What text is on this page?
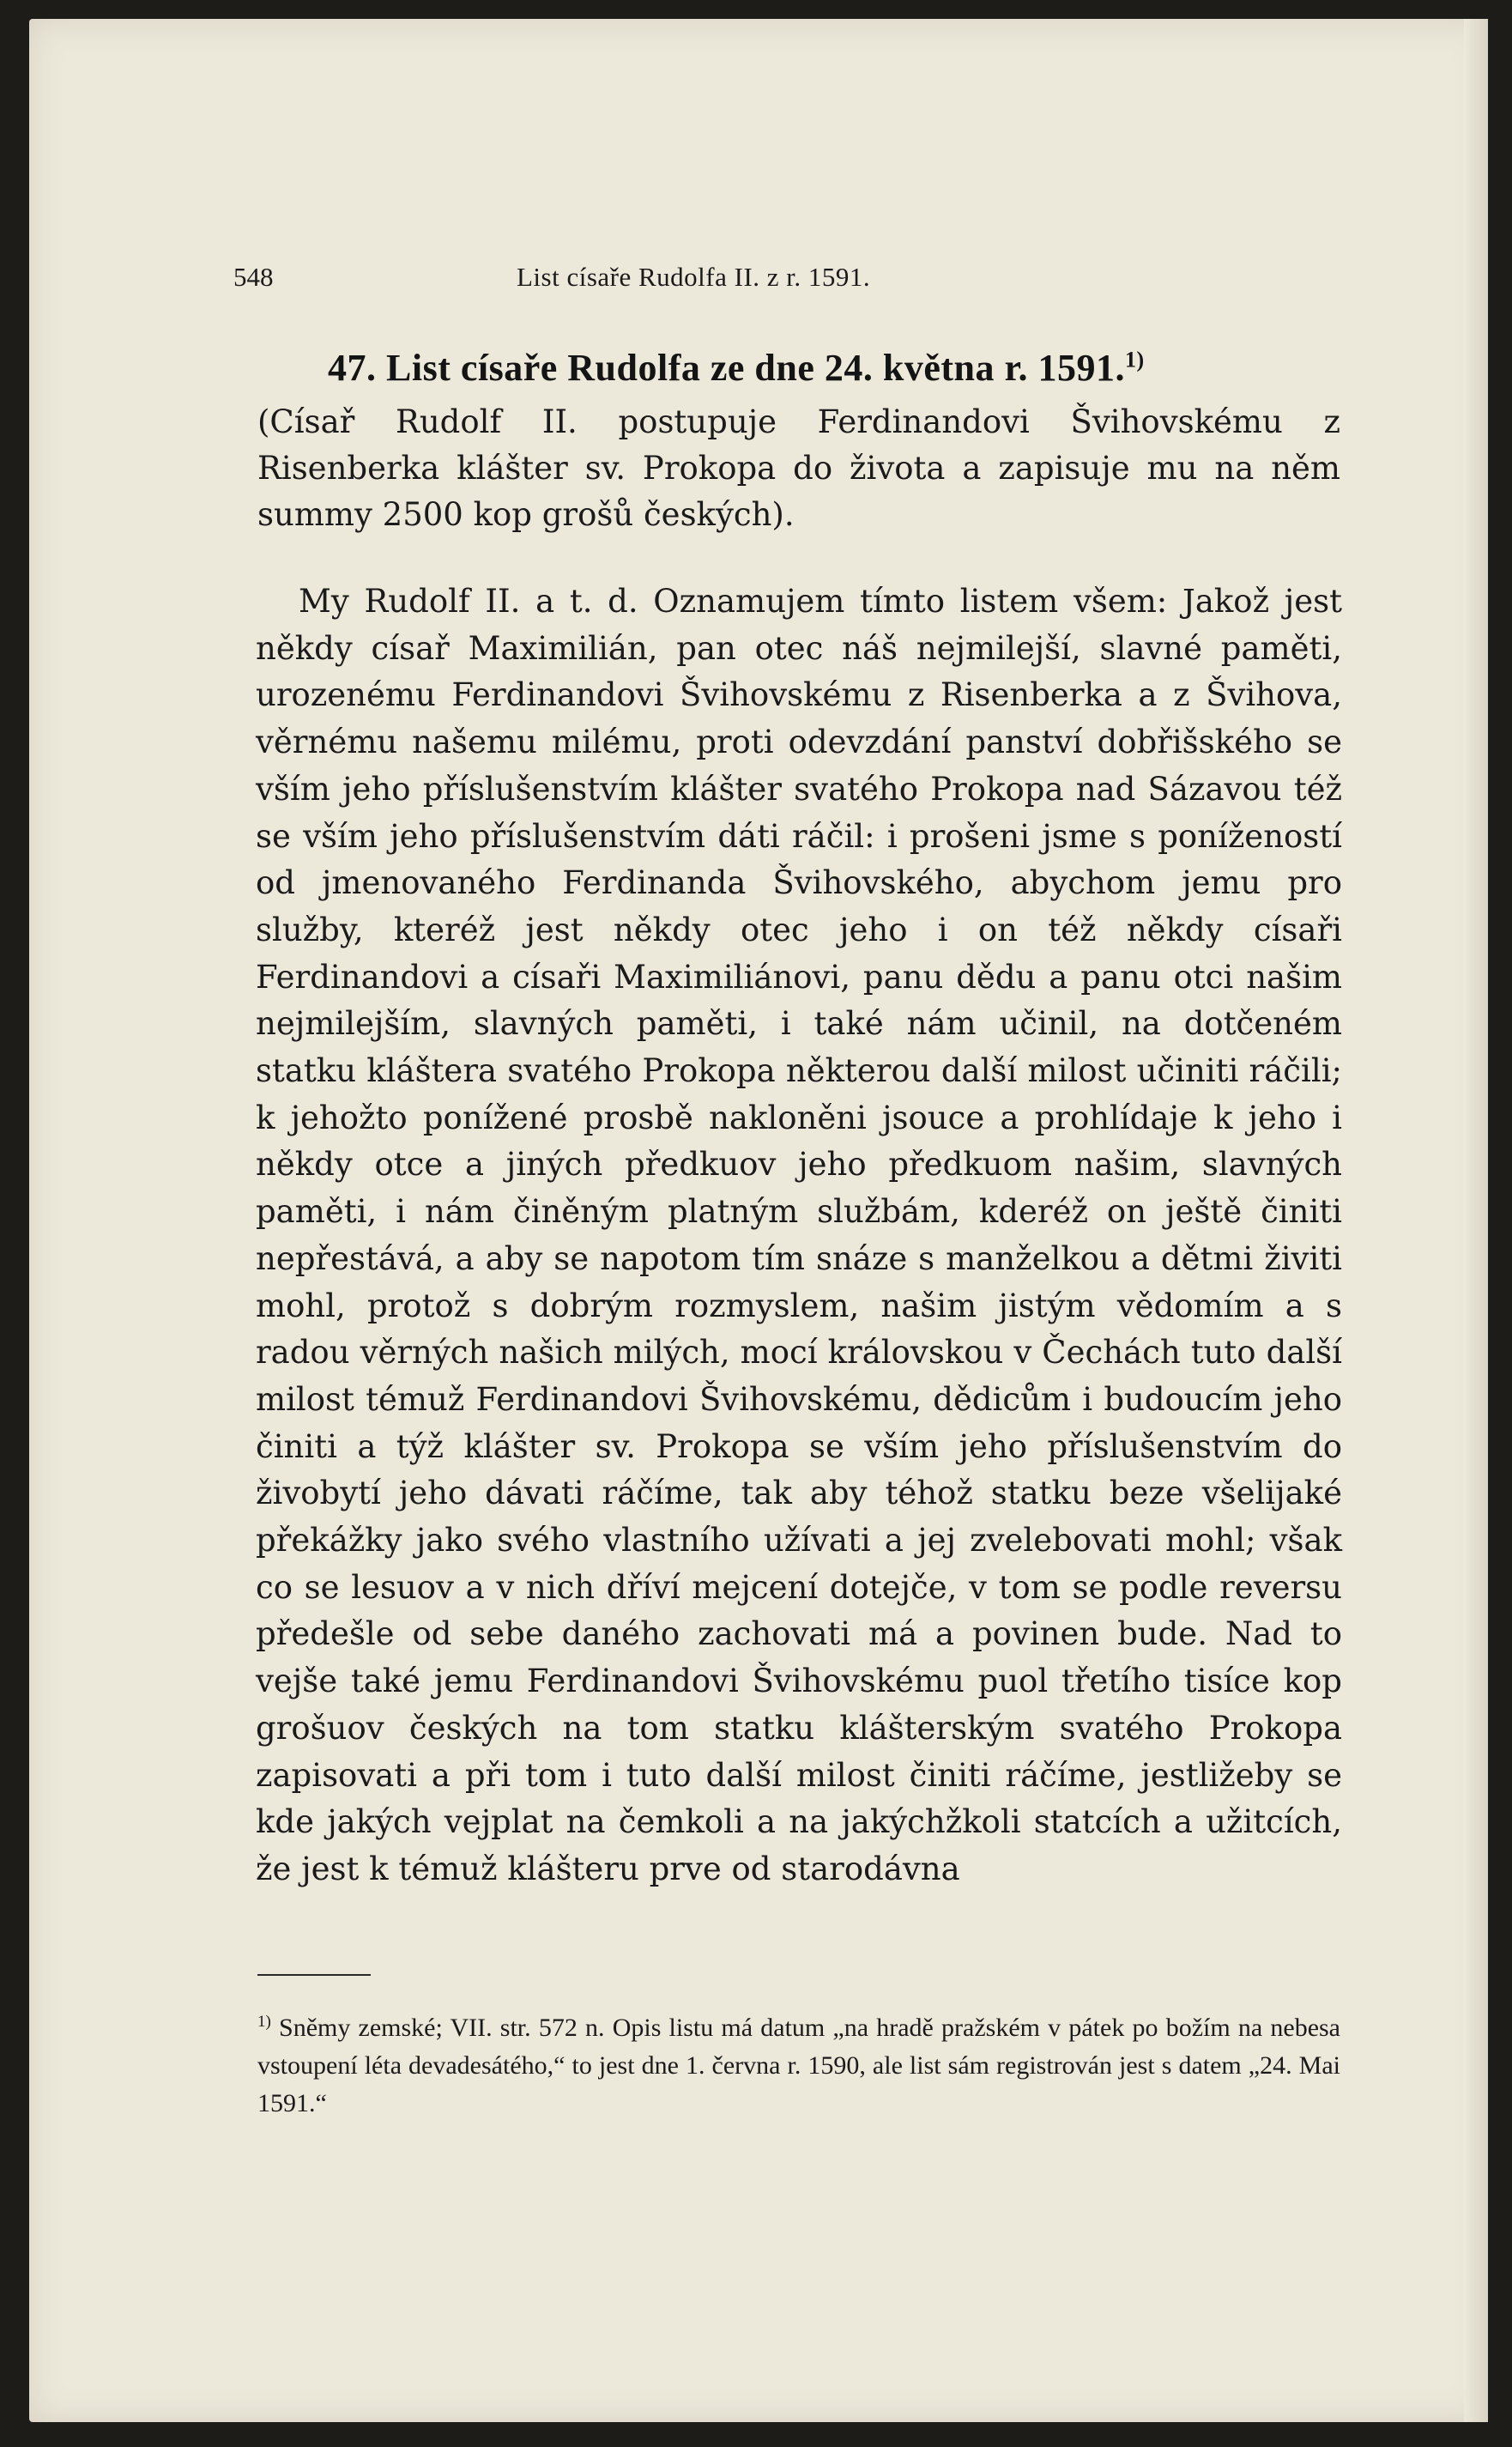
548	List císaře Rudolfa II. z r. 1591.
47. List císaře Rudolfa ze dne 24. května r. 1591.$^{1)}$
(Císař Rudolf II. postupuje Ferdinandovi Švihovskému z Risenberka klášter sv. Prokopa do života a zapisuje mu na něm summy 2500 kop grošů českých).

My Rudolf II. a t. d. Oznamujem tímto listem všem: Jakož jest někdy císař Maximilián, pan otec náš nejmilejší, slavné paměti, urozenému Ferdinandovi Švihovskému z Risenberka a z Švihova, věrnému našemu milému, proti odevzdání panství dobřišského se vším jeho příslušenstvím klášter svatého Prokopa nad Sázavou též se vším jeho příslušenstvím dáti ráčil: i prošeni jsme s ponížeností od jmenovaného Ferdinanda Švihovského, abychom jemu pro služby, kteréž jest někdy otec jeho i on též někdy císaři Ferdinandovi a císaři Maximiliánovi, panu dědu a panu otci našim nejmilejším, slavných paměti, i také nám učinil, na dotčeném statku kláštera svatého Prokopa některou další milost učiniti ráčili; k jehožto ponížené prosbě nakloněni jsouce a prohlídaje k jeho i někdy otce a jiných předkuov jeho předkuom našim, slavných paměti, i nám činěným platným službám, kderéž on ještě činiti nepřestává, a aby se napotom tím snáze s manželkou a dětmi živiti mohl, protož s dobrým rozmyslem, našim jistým vědomím a s radou věrných našich milých, mocí královskou v Čechách tuto další milost témuž Ferdinandovi Švihovskému, dědicům i budoucím jeho činiti a týž klášter sv. Prokopa se vším jeho příslušenstvím do živobytí jeho dávati ráčíme, tak aby téhož statku beze všelijaké překážky jako svého vlastního užívati a jej zvelebovati mohl; však co se lesuov a v nich dříví mejcení dotejče, v tom se podle reversu předešle od sebe daného zachovati má a povinen bude. Nad to vejše také jemu Ferdinandovi Švihovskému puol třetího tisíce kop grošuov českých na tom statku klášterským svatého Prokopa zapisovati a při tom i tuto další milost činiti ráčíme, jestližeby se kde jakých vejplat na čemkoli a na jakýchžkoli statcích a užitcích, že jest k témuž klášteru prve od starodávna

$^{1)}$ Sněmy zemské; VII. str. 572 n. Opis listu má datum „na hradě pražském v pátek po božím na nebesa vstoupení léta devadesátého,“ to jest dne 1. června r. 1590, ale list sám registrován jest s datem „24. Mai 1591.“
